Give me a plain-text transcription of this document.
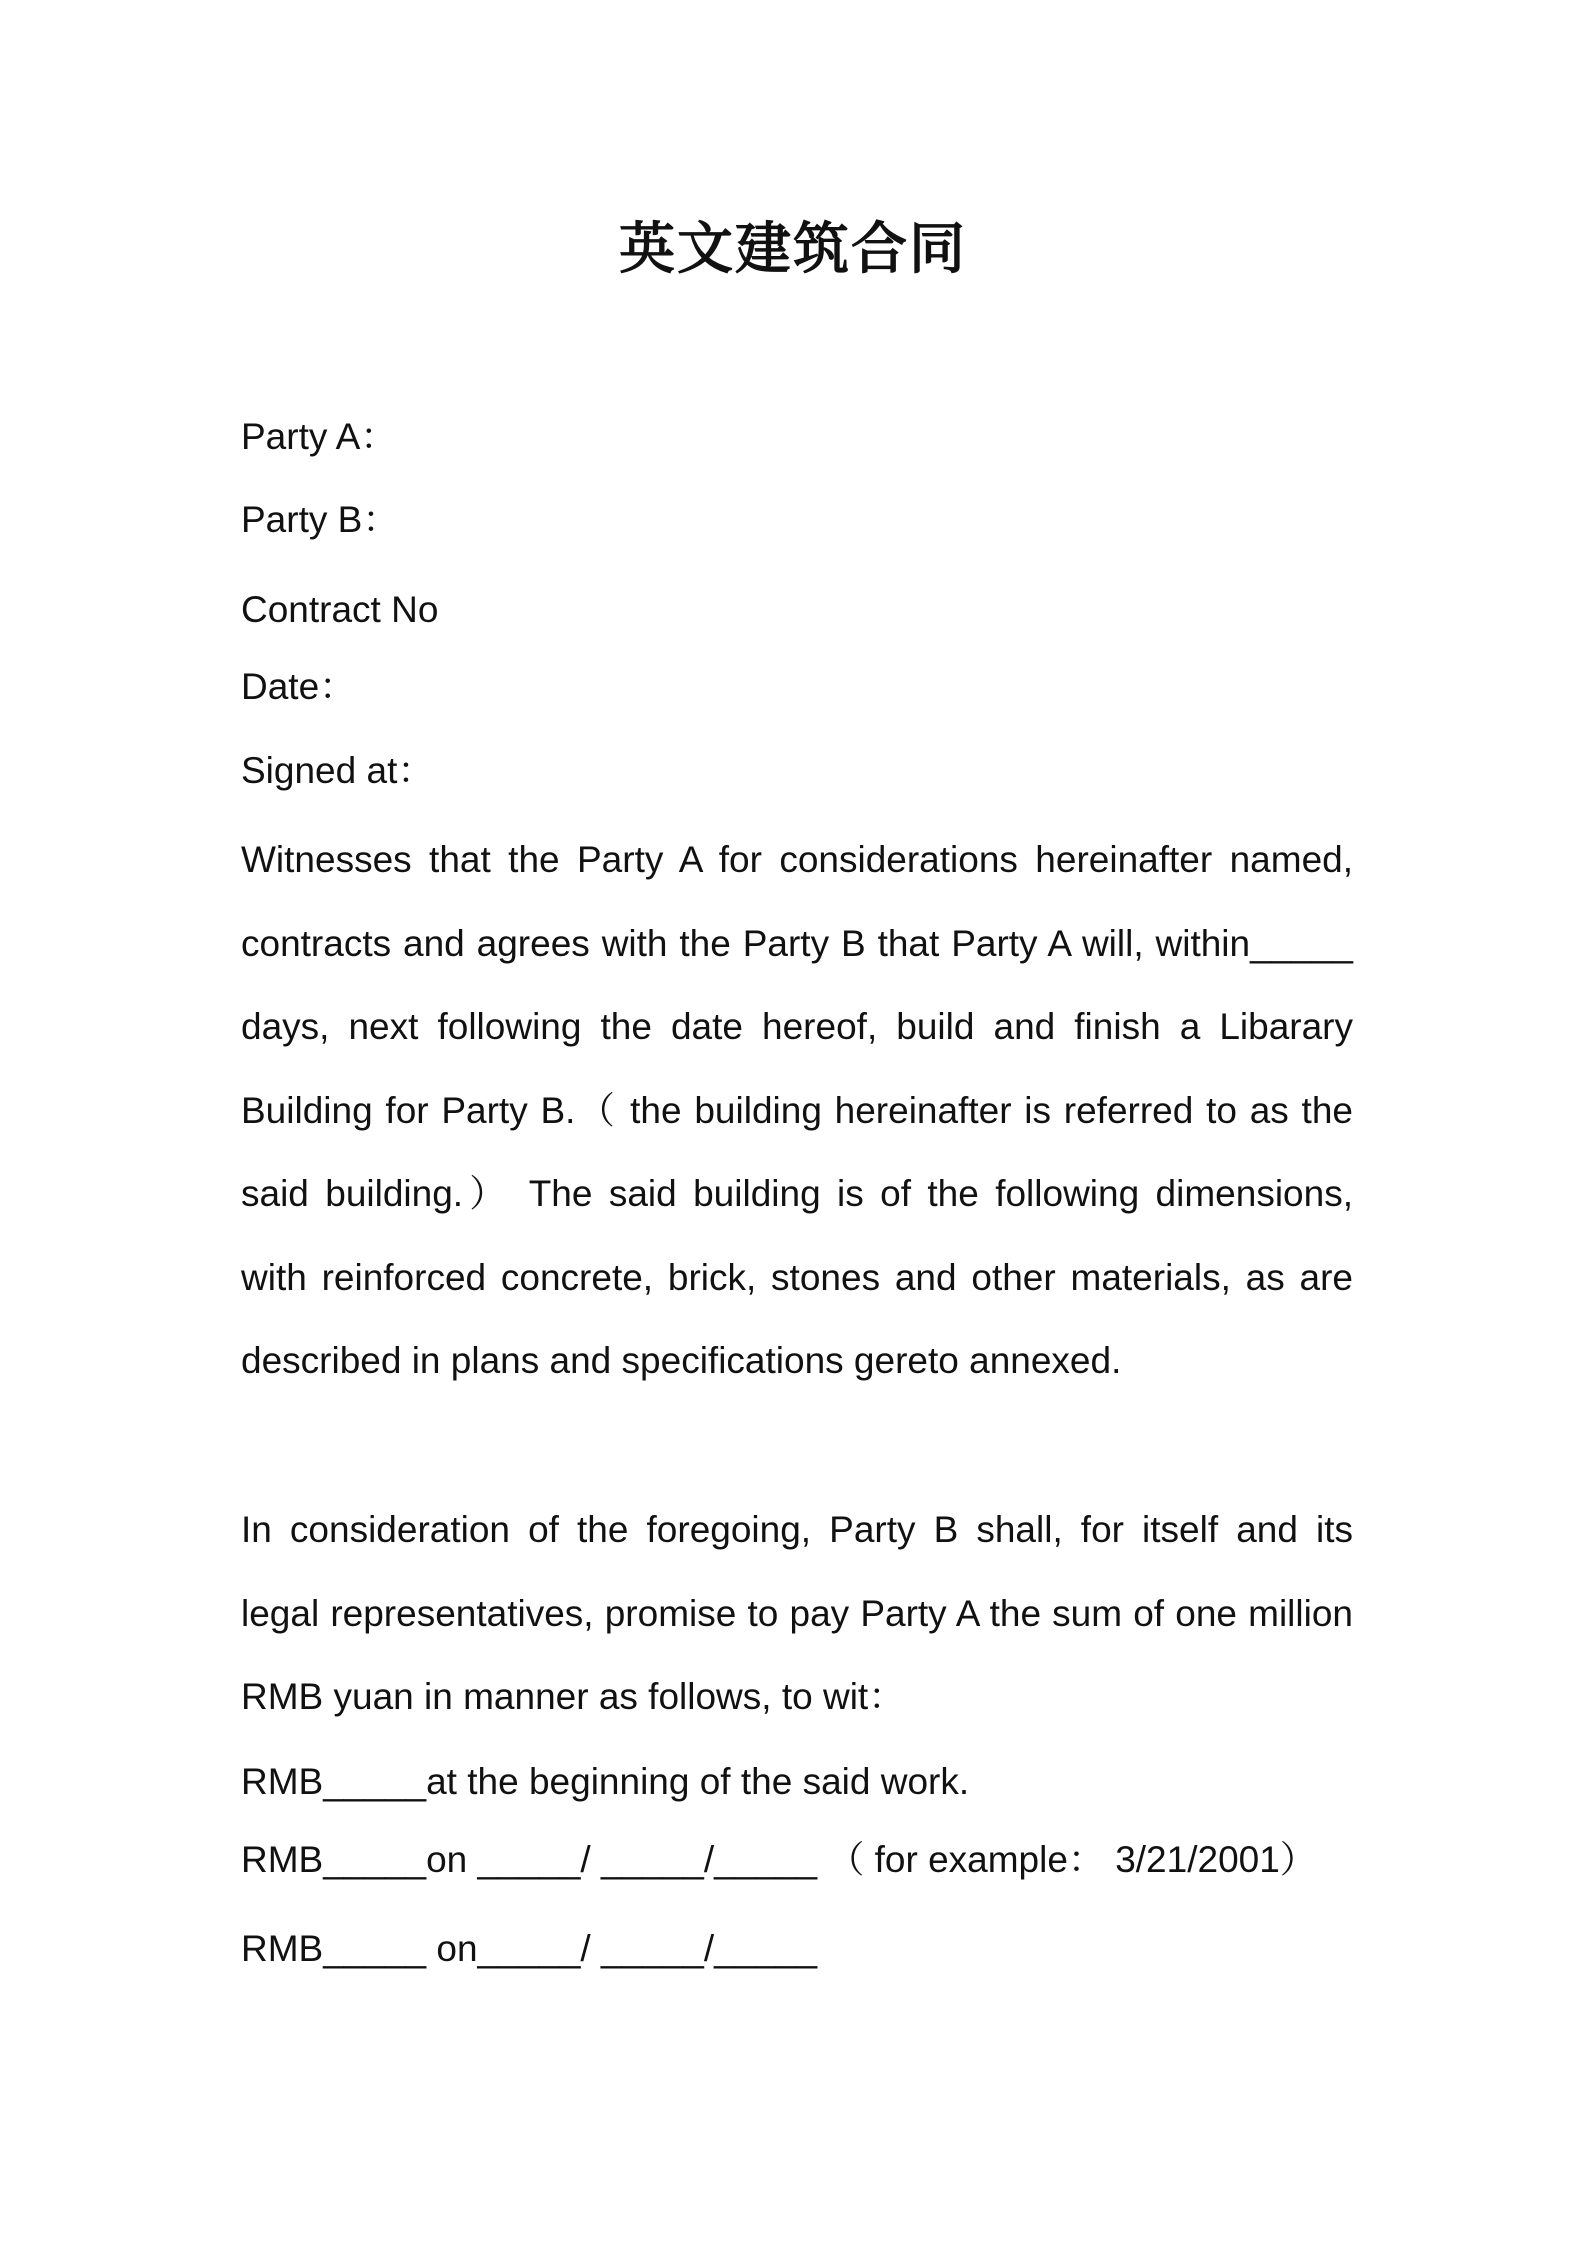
英文建筑合同
Party A：
Party B：
Contract No
Date：
Signed at：
Witnesses that the Party A for considerations hereinafter named, contracts and agrees with the Party B that Party A will, within_____ days, next following the date hereof, build and finish a Libarary Building for Party B.（ the building hereinafter is referred to as the said building.） The said building is of the following dimensions, with reinforced concrete, brick, stones and other materials, as are described in plans and specifications gereto annexed.
In consideration of the foregoing, Party B shall, for itself and its legal representatives, promise to pay Party A the sum of one million RMB yuan in manner as follows, to wit：
RMB_____at the beginning of the said work.
RMB_____on _____/ _____/_____ （ for example： 3/21/2001）
RMB_____ on_____/ _____/_____
